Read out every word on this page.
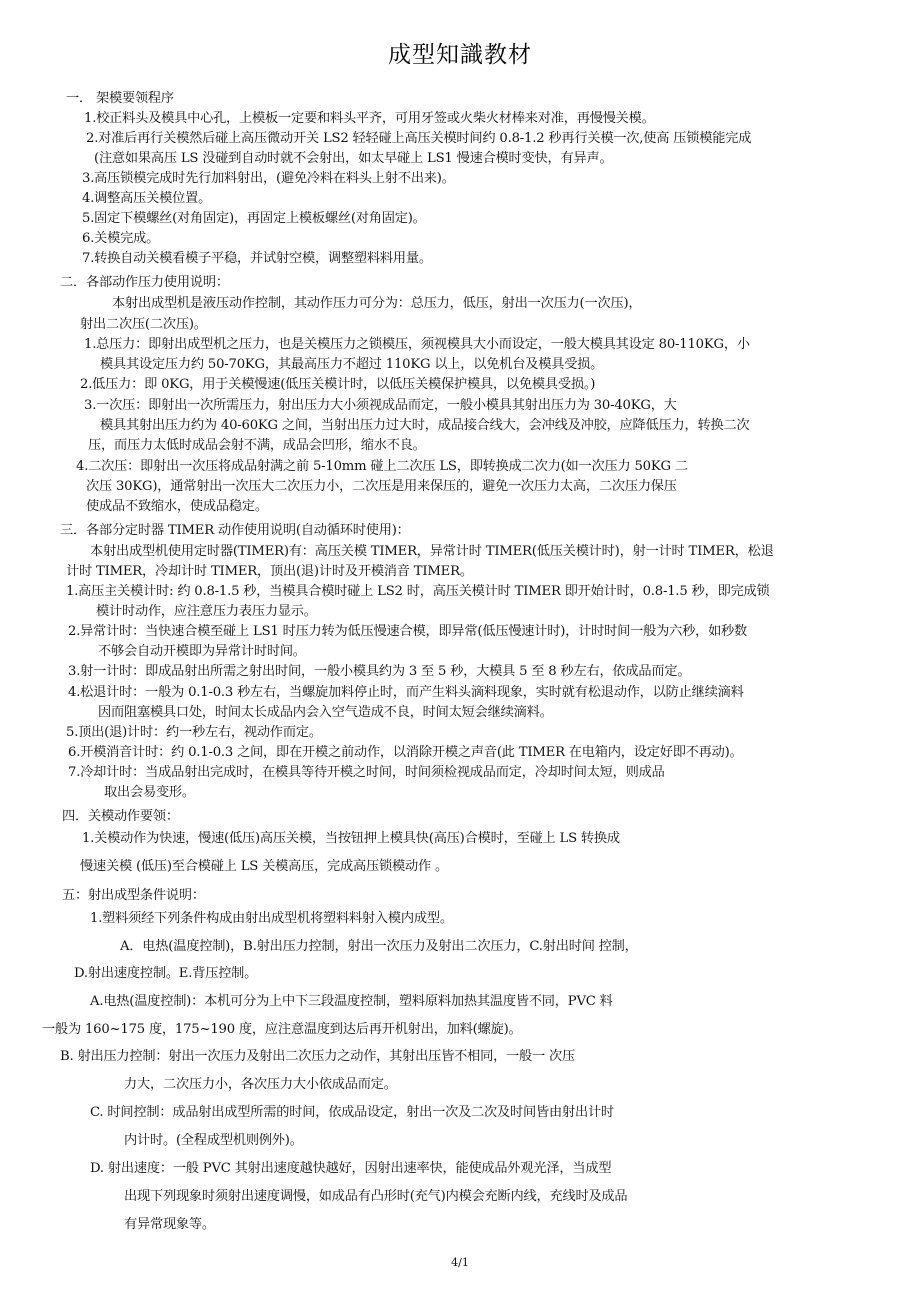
成型知識教材
一． 架模要领程序
1.校正料头及模具中心孔，上模板一定要和料头平齐，可用牙签或火柴火材棒来对准，再慢慢关模。
2.对准后再行关模然后碰上高压微动开关 LS2 轻轻碰上高压关模时间约 0.8-1.2 秒再行关模一次,使高 压锁模能完成
(注意如果高压 LS 没碰到自动时就不会射出，如太早碰上 LS1 慢速合模时变快，有异声。
3.高压锁模完成时先行加料射出，(避免冷料在料头上射不出来)。
4.调整高压关模位置。
5.固定下模螺丝(对角固定)，再固定上模板螺丝(对角固定)。
6.关模完成。
7.转换自动关模看模子平稳，并试射空模，调整塑料料用量。
二．各部动作压力使用说明：
本射出成型机是液压动作控制，其动作压力可分为：总压力，低压，射出一次压力(一次压)，
射出二次压(二次压)。
1.总压力：即射出成型机之压力，也是关模压力之锁模压，须视模具大小而设定，一般大模具其设定 80-110KG，小
模具其设定压力约 50-70KG，其最高压力不超过 110KG 以上，以免机台及模具受损。
2.低压力：即 0KG，用于关模慢速(低压关模计时，以低压关模保护模具，以免模具受损。)
3.一次压：即射出一次所需压力，射出压力大小须视成品而定，一般小模具其射出压力为 30-40KG，大
模具其射出压力约为 40-60KG 之间，当射出压力过大时，成品接合线大，会冲线及冲胶，应降低压力，转换二次
压，而压力太低时成品会射不满，成品会凹形，缩水不良。
4.二次压：即射出一次压将成品射满之前 5-10mm 碰上二次压 LS，即转换成二次力(如一次压力 50KG 二
次压 30KG)，通常射出一次压大二次压力小，二次压是用来保压的，避免一次压力太高，二次压力保压
使成品不致缩水，使成品稳定。
三．各部分定时器 TIMER 动作使用说明(自动循环时使用)：
本射出成型机使用定时器(TIMER)有：高压关模 TIMER，异常计时 TIMER(低压关模计时)，射一计时 TIMER，松退
计时 TIMER，冷却计时 TIMER，顶出(退)计时及开模消音 TIMER。
1.高压主关模计时: 约 0.8-1.5 秒，当模具合模时碰上 LS2 时，高压关模计时 TIMER 即开始计时，0.8-1.5 秒，即完成锁
模计时动作，应注意压力表压力显示。
2.异常计时：当快速合模至碰上 LS1 时压力转为低压慢速合模，即异常(低压慢速计时)，计时时间一般为六秒，如秒数
不够会自动开模即为异常计时时间。
3.射一计时：即成品射出所需之射出时间，一般小模具约为 3 至 5 秒，大模具 5 至 8 秒左右，依成品而定。
4.松退计时：一般为 0.1-0.3 秒左右，当螺旋加料停止时，而产生料头滴料现象，实时就有松退动作，以防止继续滴料
因而阻塞模具口处，时间太长成品内会入空气造成不良，时间太短会继续滴料。
5.顶出(退)计时：约一秒左右，视动作而定。
6.开模消音计时：约 0.1-0.3 之间，即在开模之前动作，以消除开模之声音(此 TIMER 在电箱内，设定好即不再动)。
7.冷却计时：当成品射出完成时，在模具等待开模之时间，时间须检视成品而定，冷却时间太短，则成品
取出会易变形。
四．关模动作要领：
1.关模动作为快速，慢速(低压)高压关模，当按钮押上模具快(高压)合模时，至碰上 LS 转换成
慢速关模 (低压)至合模碰上 LS 关模高压，完成高压锁模动作 。
五：射出成型条件说明：
1.塑料须经下列条件构成由射出成型机将塑料料射入模内成型。
A．电热(温度控制)，B.射出压力控制，射出一次压力及射出二次压力，C.射出时间 控制，
D.射出速度控制。E.背压控制。
A.电热(温度控制)：本机可分为上中下三段温度控制，塑料原料加热其温度皆不同，PVC 料
一般为 160~175 度，175~190 度，应注意温度到达后再开机射出，加料(螺旋)。
B. 射出压力控制：射出一次压力及射出二次压力之动作，其射出压皆不相同，一般一 次压
力大，二次压力小，各次压力大小依成品而定。
C. 时间控制：成品射出成型所需的时间，依成品设定，射出一次及二次及时间皆由射出计时
内计时。(全程成型机则例外)。
D. 射出速度：一般 PVC 其射出速度越快越好，因射出速率快，能使成品外观光泽，当成型
出现下列现象时须射出速度调慢，如成品有凸形时(充气)内模会充断内线，充线时及成品
有异常现象等。
4/1
